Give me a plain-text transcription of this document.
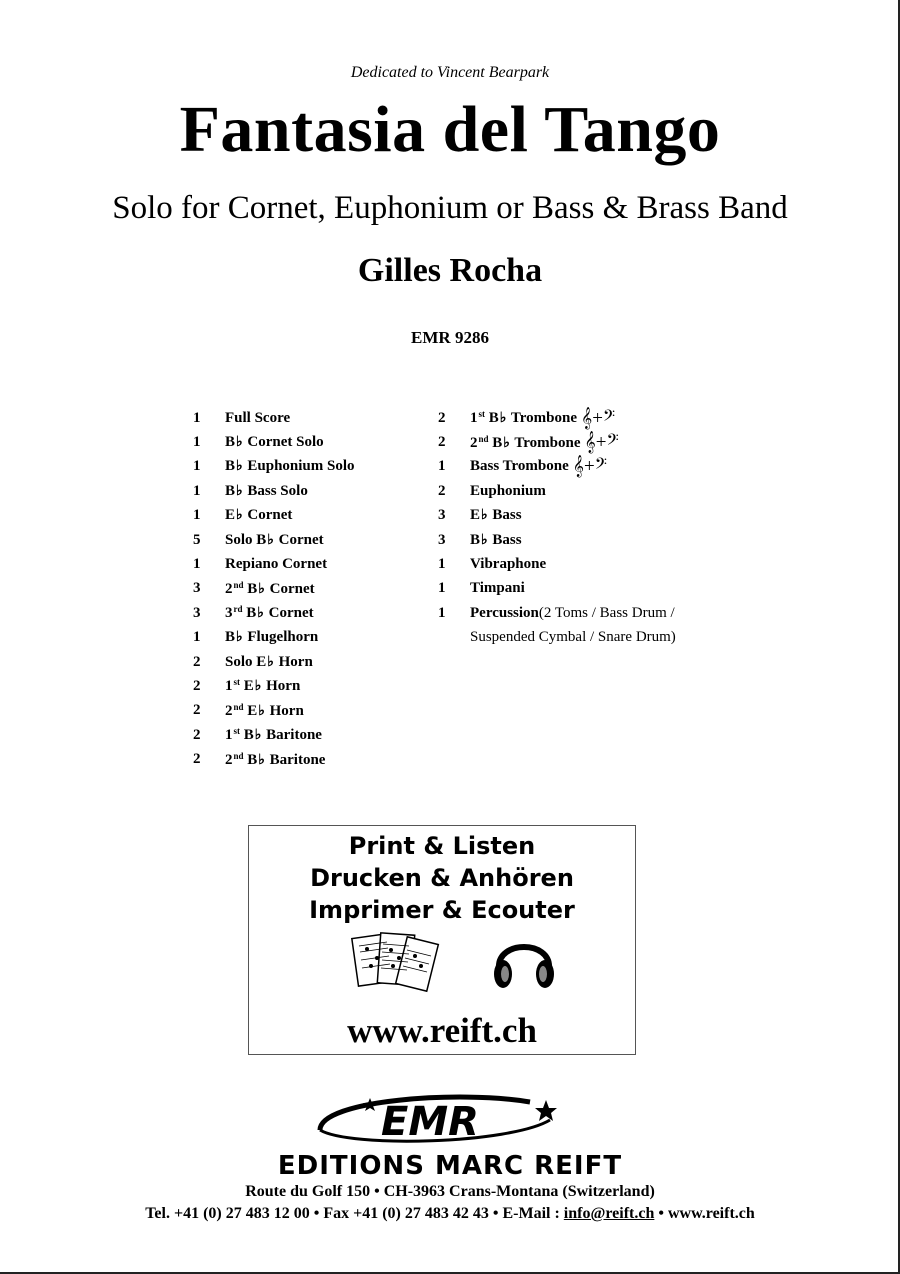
Dedicated to Vincent Bearpark
Fantasia del Tango
Solo for Cornet, Euphonium or Bass & Brass Band
Gilles Rocha
EMR 9286
1	Full Score
1	B♭ Cornet Solo
1	B♭ Euphonium Solo
1	B♭ Bass Solo
1	E♭ Cornet
5	Solo B♭ Cornet
1	Repiano Cornet
3	2nd B♭ Cornet
3	3rd B♭ Cornet
1	B♭ Flugelhorn
2	Solo E♭ Horn
2	1st E♭ Horn
2	2nd E♭ Horn
2	1st B♭ Baritone
2	2nd B♭ Baritone
2	1st B♭ Trombone 𝄞+𝄢
2	2nd B♭ Trombone 𝄞+𝄢
1	Bass Trombone 𝄞+𝄢
2	Euphonium
3	E♭ Bass
3	B♭ Bass
1	Vibraphone
1	Timpani
1	Percussion (2 Toms / Bass Drum /
Suspended Cymbal / Snare Drum)
Print & Listen
Drucken & Anhören
Imprimer & Ecouter
www.reift.ch
EMR
EDITIONS MARC REIFT
Route du Golf 150 • CH-3963 Crans-Montana (Switzerland)
Tel. +41 (0) 27 483 12 00 • Fax +41 (0) 27 483 42 43 • E-Mail : info@reift.ch • www.reift.ch
